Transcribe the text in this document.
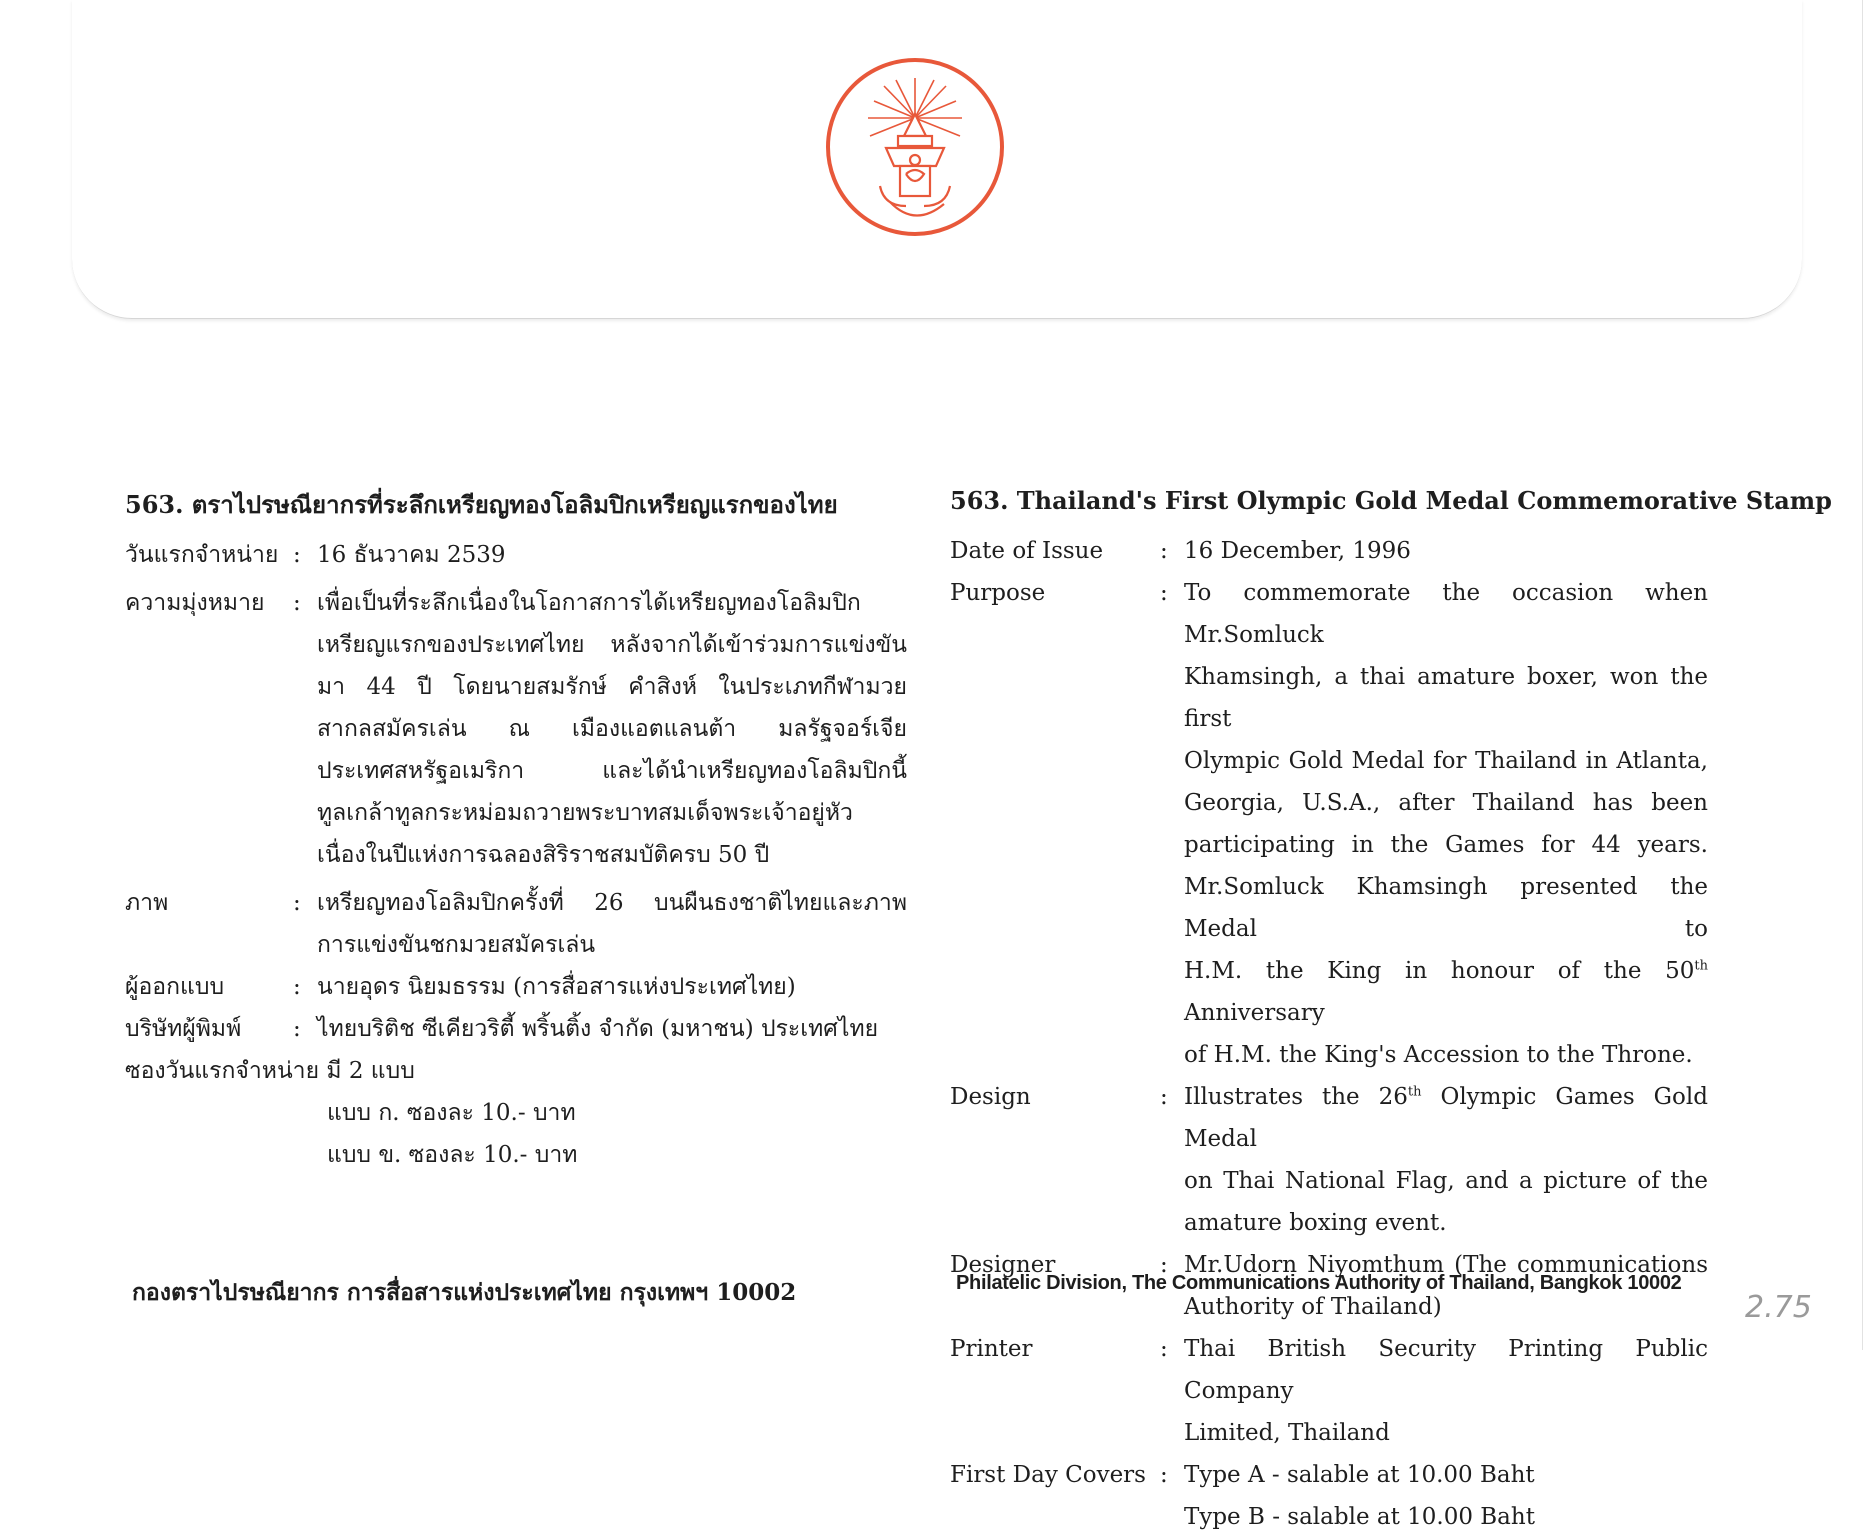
563. ตราไปรษณียากรที่ระลึกเหรียญทองโอลิมปิกเหรียญแรกของไทย
วันแรกจำหน่าย : 16 ธันวาคม 2539
ความมุ่งหมาย	: เพื่อเป็นที่ระลึกเนื่องในโอกาสการได้เหรียญทองโอลิมปิก
เหรียญแรกของประเทศไทย หลังจากได้เข้าร่วมการแข่งขัน
มา 44 ปี โดยนายสมรักษ์ คำสิงห์ ในประเภทกีฬามวย
สากลสมัครเล่น ณ เมืองแอตแลนต้า มลรัฐจอร์เจีย
ประเทศสหรัฐอเมริกา และได้นำเหรียญทองโอลิมปิกนี้
ทูลเกล้าทูลกระหม่อมถวายพระบาทสมเด็จพระเจ้าอยู่หัว
เนื่องในปีแห่งการฉลองสิริราชสมบัติครบ 50 ปี
ภาพ	: เหรียญทองโอลิมปิกครั้งที่ 26 บนผืนธงชาติไทยและภาพ
การแข่งขันชกมวยสมัครเล่น
ผู้ออกแบบ	: นายอุดร นิยมธรรม (การสื่อสารแห่งประเทศไทย)
บริษัทผู้พิมพ์	: ไทยบริติช ซีเคียวริตี้ พริ้นติ้ง จำกัด (มหาชน) ประเทศไทย
ซองวันแรกจำหน่าย มี 2 แบบ
แบบ ก. ซองละ 10.- บาท
แบบ ข. ซองละ 10.- บาท
กองตราไปรษณียากร การสื่อสารแห่งประเทศไทย กรุงเทพฯ 10002
563. Thailand's First Olympic Gold Medal Commemorative Stamp
Date of Issue	: 16 December, 1996
Purpose	: To commemorate the occasion when Mr.Somluck
Khamsingh, a thai amature boxer, won the first
Olympic Gold Medal for Thailand in Atlanta,
Georgia, U.S.A., after Thailand has been
participating in the Games for 44 years.
Mr.Somluck Khamsingh presented the Medal to
H.M. the King in honour of the 50th Anniversary
of H.M. the King's Accession to the Throne.
Design	: Illustrates the 26th Olympic Games Gold Medal
on Thai National Flag, and a picture of the
amature boxing event.
Designer	: Mr.Udorn Niyomthum (The communications
Authority of Thailand)
Printer	: Thai British Security Printing Public Company
Limited, Thailand
First Day Covers : Type A - salable at 10.00 Baht
Type B - salable at 10.00 Baht
Philatelic Division, The Communications Authority of Thailand, Bangkok 10002
2.75
